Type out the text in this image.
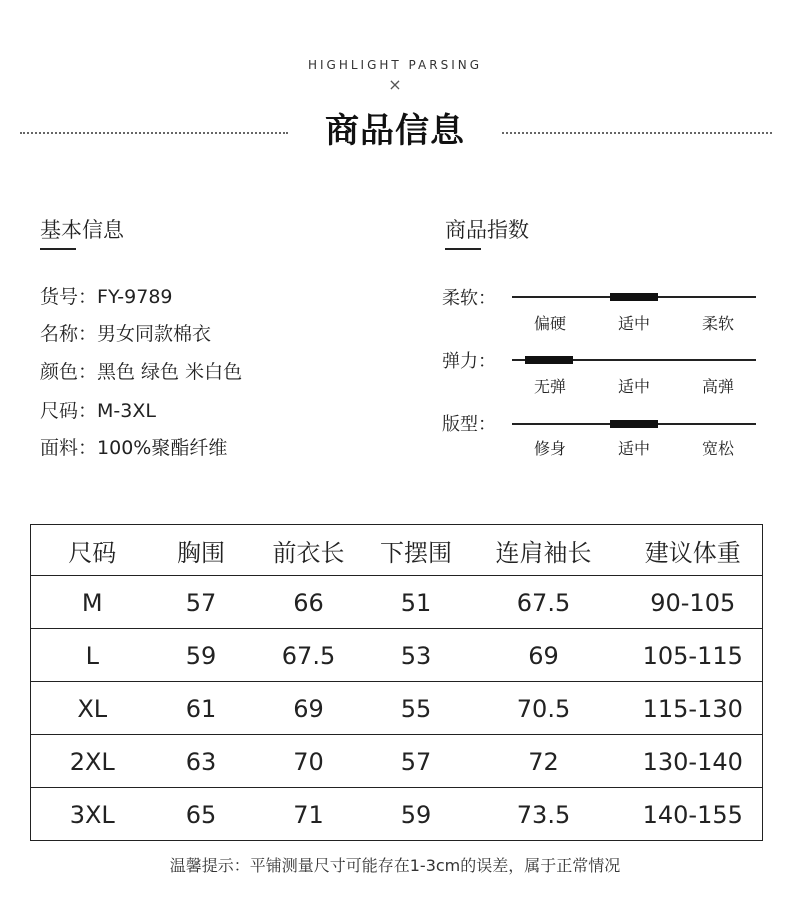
HIGHLIGHT PARSING
×
商品信息
基本信息
货号：FY-9789
名称：男女同款棉衣
颜色：黑色 绿色 米白色
尺码：M-3XL
面料：100%聚酯纤维
商品指数
柔软：
偏硬	适中	柔软
弹力：
无弹	适中	高弹
版型：
修身	适中	宽松
尺码	胸围	前衣长	下摆围	连肩袖长	建议体重
M	57	66	51	67.5	90-105
L	59	67.5	53	69	105-115
XL	61	69	55	70.5	115-130
2XL	63	70	57	72	130-140
3XL	65	71	59	73.5	140-155
温馨提示：平铺测量尺寸可能存在1-3cm的误差，属于正常情况
